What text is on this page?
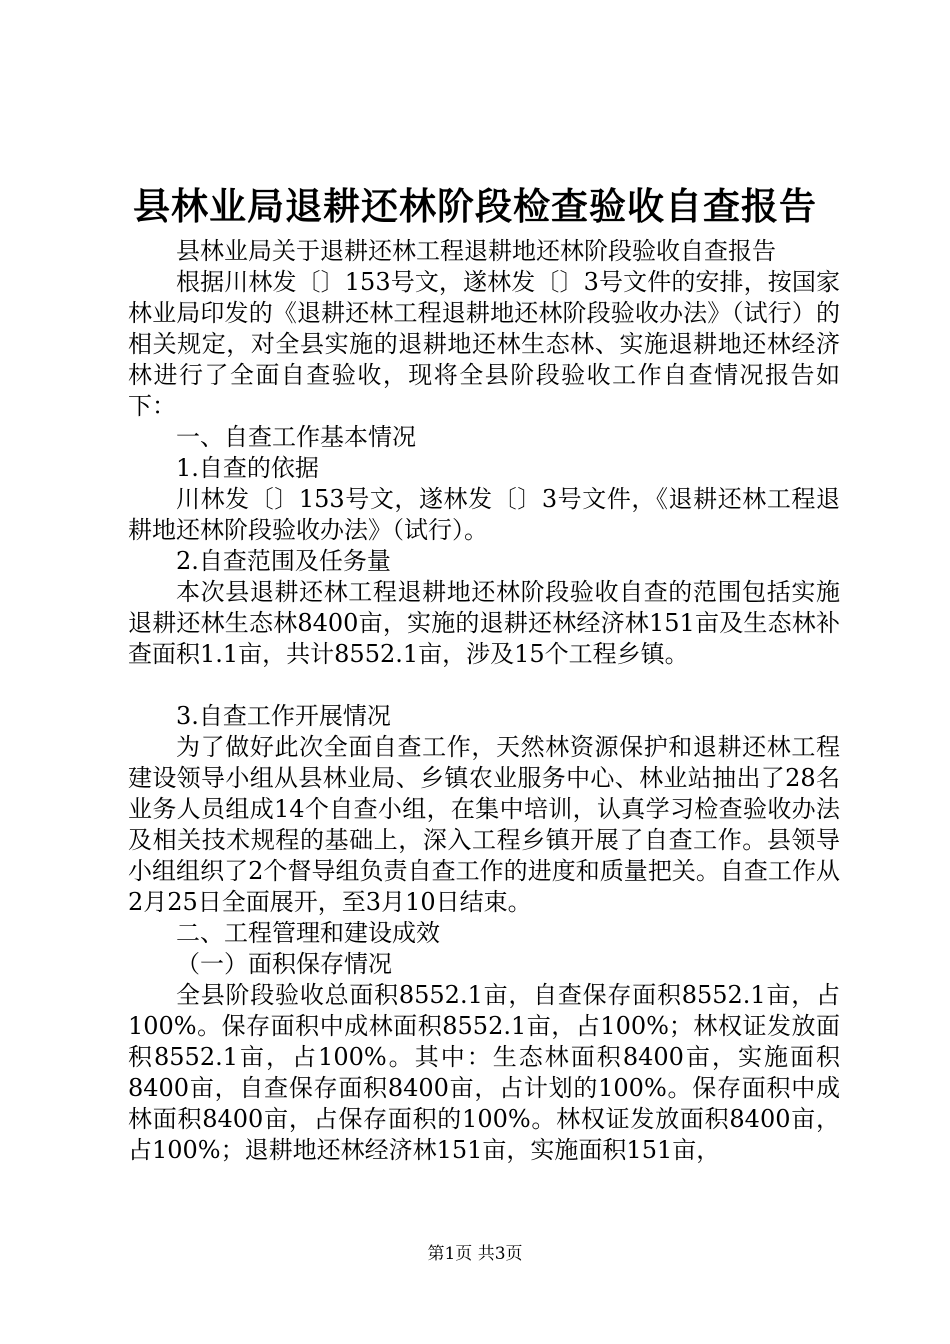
县林业局退耕还林阶段检查验收自查报告

县林业局关于退耕还林工程退耕地还林阶段验收自查报告

根据川林发〔〕153号文，遂林发〔〕3号文件的安排，按国家林业局印发的《退耕还林工程退耕地还林阶段验收办法》（试行）的相关规定，对全县实施的退耕地还林生态林、实施退耕地还林经济林进行了全面自查验收，现将全县阶段验收工作自查情况报告如下：

一、自查工作基本情况

1.自查的依据

川林发〔〕153号文，遂林发〔〕3号文件，《退耕还林工程退耕地还林阶段验收办法》（试行）。

2.自查范围及任务量

本次县退耕还林工程退耕地还林阶段验收自查的范围包括实施退耕还林生态林8400亩，实施的退耕还林经济林151亩及生态林补查面积1.1亩，共计8552.1亩，涉及15个工程乡镇。

3.自查工作开展情况

为了做好此次全面自查工作，天然林资源保护和退耕还林工程建设领导小组从县林业局、乡镇农业服务中心、林业站抽出了28名业务人员组成14个自查小组，在集中培训，认真学习检查验收办法及相关技术规程的基础上，深入工程乡镇开展了自查工作。县领导小组组织了2个督导组负责自查工作的进度和质量把关。自查工作从2月25日全面展开，至3月10日结束。

二、工程管理和建设成效

（一）面积保存情况

全县阶段验收总面积8552.1亩，自查保存面积8552.1亩，占100%。保存面积中成林面积8552.1亩，占100%；林权证发放面积8552.1亩，占100%。其中：生态林面积8400亩，实施面积8400亩，自查保存面积8400亩，占计划的100%。保存面积中成林面积8400亩，占保存面积的100%。林权证发放面积8400亩，占100%；退耕地还林经济林151亩，实施面积151亩，

第1页 共3页
